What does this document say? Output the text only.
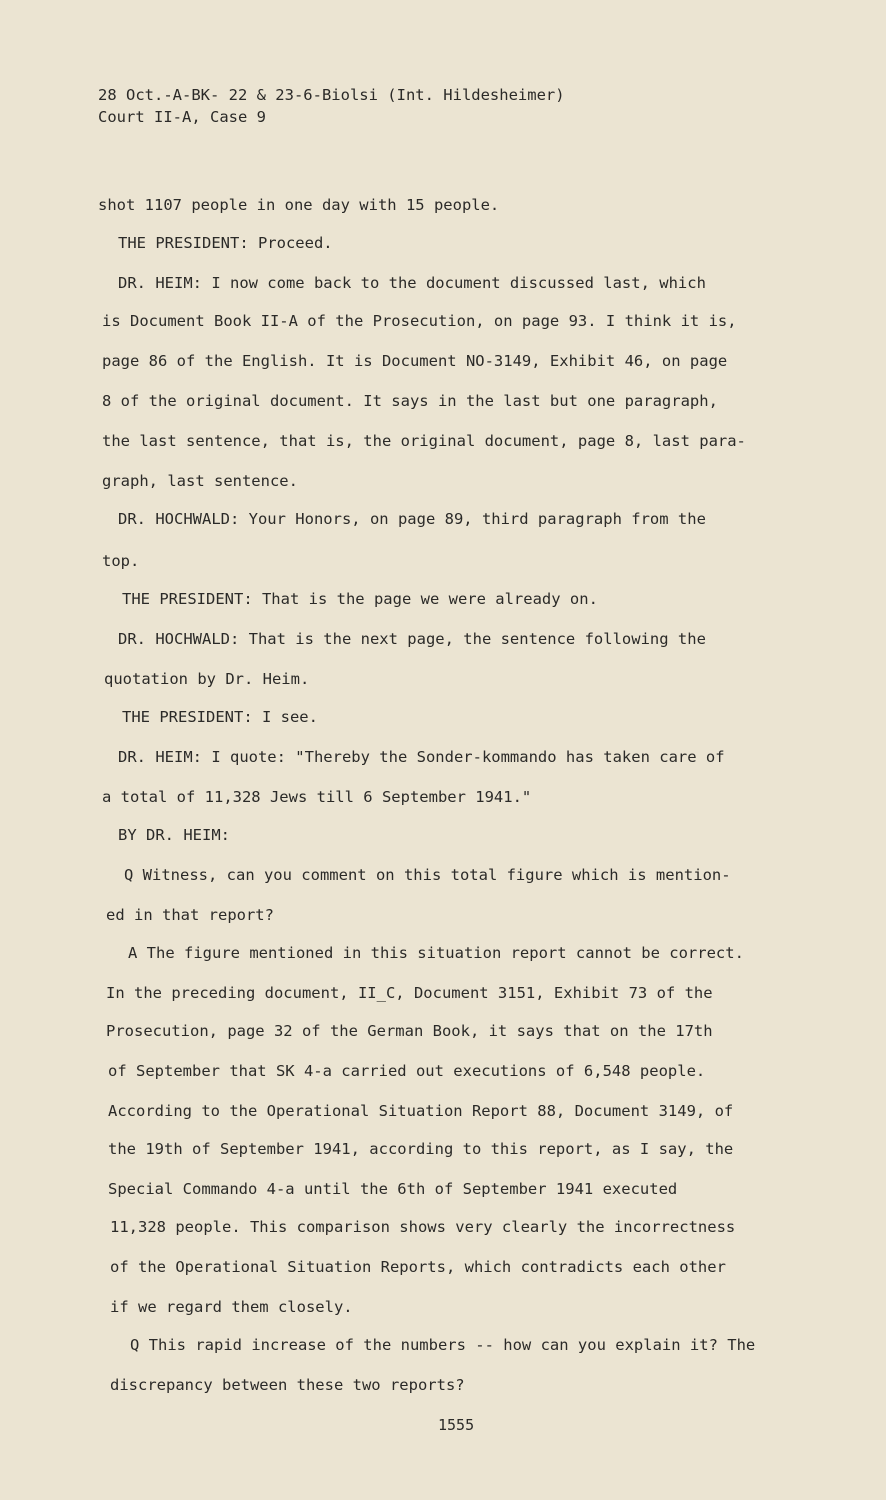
28 Oct.-A-BK- 22 & 23-6-Biolsi (Int. Hildesheimer)
Court II-A, Case 9
shot 1107 people in one day with 15 people.
THE PRESIDENT: Proceed.
DR. HEIM: I now come back to the document discussed last, which
is Document Book II-A of the Prosecution, on page 93. I think it is,
page 86 of the English. It is Document NO-3149, Exhibit 46, on page
8 of the original document. It says in the last but one paragraph,
the last sentence, that is, the original document, page 8, last para-
graph, last sentence.
DR. HOCHWALD: Your Honors, on page 89, third paragraph from the
top.
THE PRESIDENT: That is the page we were already on.
DR. HOCHWALD: That is the next page, the sentence following the
quotation by Dr. Heim.
THE PRESIDENT: I see.
DR. HEIM: I quote: "Thereby the Sonder-kommando has taken care of
a total of 11,328 Jews till 6 September 1941."
BY DR. HEIM:
Q Witness, can you comment on this total figure which is mention-
ed in that report?
A The figure mentioned in this situation report cannot be correct.
In the preceding document, II_C, Document 3151, Exhibit 73 of the
Prosecution, page 32 of the German Book, it says that on the 17th
of September that SK 4-a carried out executions of 6,548 people.
According to the Operational Situation Report 88, Document 3149, of
the 19th of September 1941, according to this report, as I say, the
Special Commando 4-a until the 6th of September 1941 executed
11,328 people. This comparison shows very clearly the incorrectness
of the Operational Situation Reports, which contradicts each other
if we regard them closely.
Q This rapid increase of the numbers -- how can you explain it? The
discrepancy between these two reports?
1555
